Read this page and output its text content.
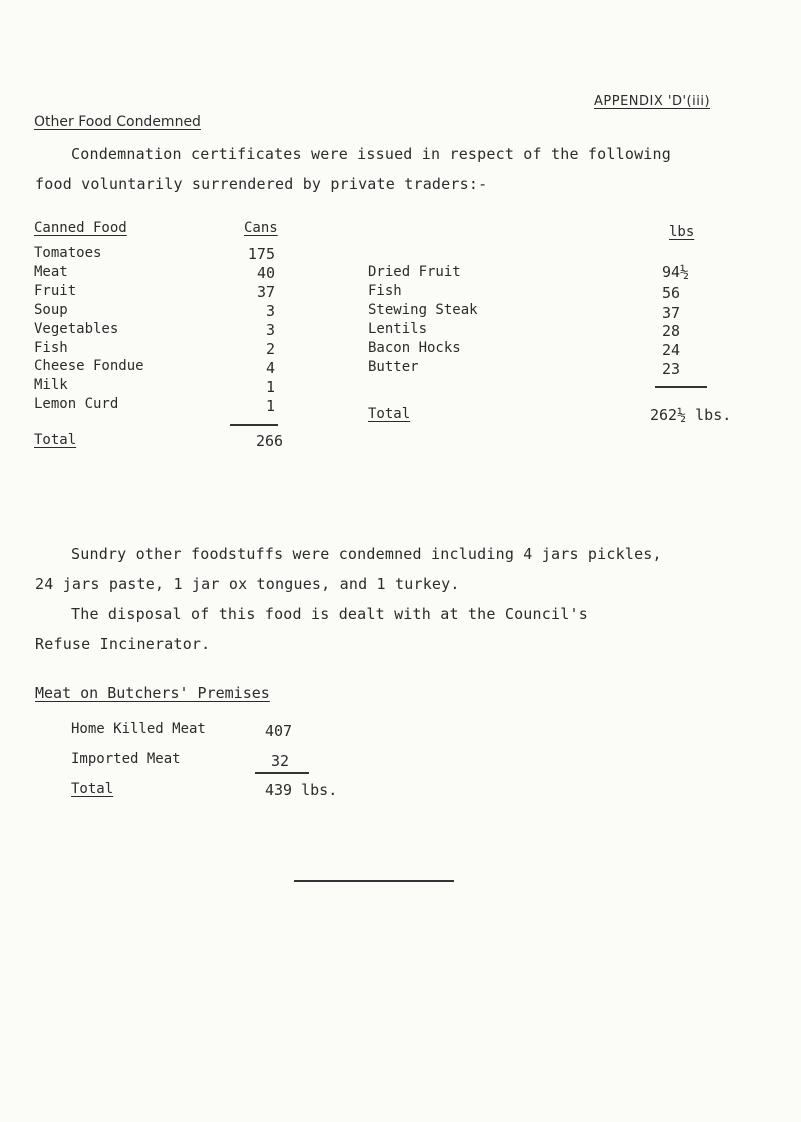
APPENDIX 'D'(iii)
Other Food Condemned
Condemnation certificates were issued in respect of the following
food voluntarily surrendered by private traders:-
Canned Food	Cans
Tomatoes	175
Meat	40
Fruit	37
Soup	3
Vegetables	3
Fish	2
Cheese Fondue	4
Milk	1
Lemon Curd	1
Total	266
lbs
Dried Fruit	94½
Fish	56
Stewing Steak	37
Lentils	28
Bacon Hocks	24
Butter	23
Total	262½ lbs.
Sundry other foodstuffs were condemned including 4 jars pickles,
24 jars paste, 1 jar ox tongues, and 1 turkey.
The disposal of this food is dealt with at the Council's
Refuse Incinerator.
Meat on Butchers' Premises
Home Killed Meat	407
Imported Meat	32
Total	439 lbs.
